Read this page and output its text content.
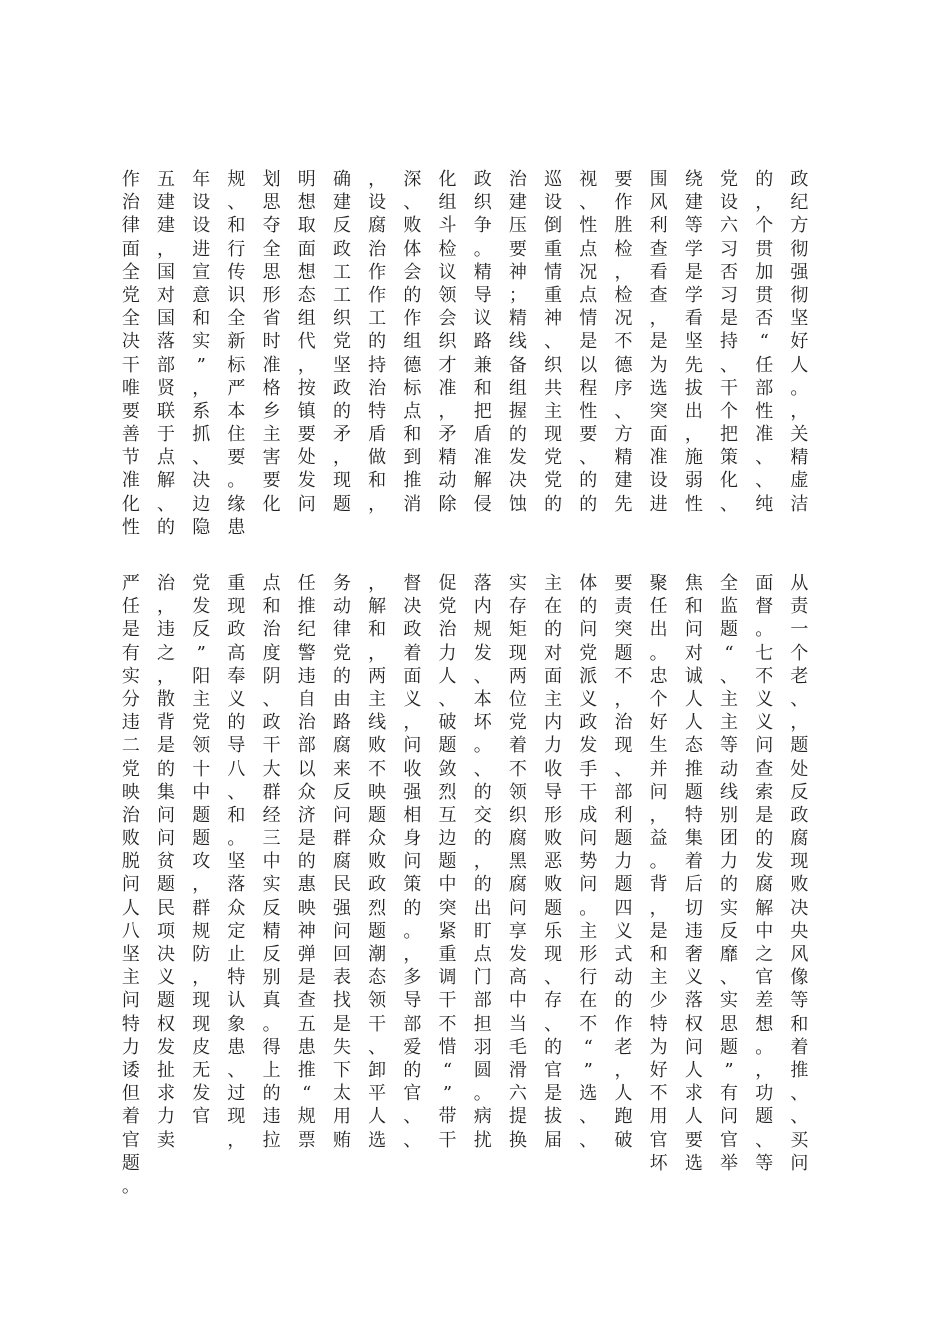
政
纪
方
彻
强
彻
坚
好
人
。
，
关
精
虚
洁
的
，
个
贯
加
贯
否
“
任
部
性
准
、
、
纯
党
设
六
习
否
习
是
持
、
干
个
把
策
化
、
绕
建
等
学
是
学
看
坚
先
拔
出
，
施
弱
性
围
风
利
查
看
查
，
是
为
选
突
面
准
设
进
要
作
胜
检
，
检
况
不
德
序
、
方
精
建
先
视
、
性
点
况
点
情
是
以
程
性
要
、
的
的
巡
设
倒
重
情
重
神
、
织
共
主
现
党
党
的
治
建
压
要
神
；
精
线
备
组
握
的
发
决
蚀
政
织
争
。
精
导
议
路
兼
和
把
盾
准
解
侵
化
组
斗
检
议
领
会
织
才
准
，
矛
精
动
除
深
、
败
体
会
的
作
组
德
标
点
和
到
推
消
，
设
腐
治
作
作
工
的
持
治
特
盾
做
和
，
确
建
反
政
工
工
织
党
坚
政
的
矛
，
现
题
明
想
取
面
想
态
组
代
，
按
镇
要
处
发
问
划
思
夺
全
思
形
省
时
准
格
乡
主
害
要
化
规
、
和
行
传
识
全
新
标
严
本
住
要
。
缘
患
年
设
设
进
宣
意
和
实
”
，
系
抓
、
决
边
隐
五
建
建
，
国
对
国
落
部
贤
联
于
点
解
、
的
作
治
律
面
全
党
全
决
干
唯
要
善
节
准
化
性
从
责
一
个
老
、
，
题
处
反
政
腐
现
败
决
央
风
像
等
和
着
推
、
、
买
问
面
督
。
七
不
义
义
问
查
索
是
的
发
腐
解
中
之
官
差
想
。
，
功
题
、
等
全
监
题
“
、
主
主
等
动
线
别
团
力
的
实
反
靡
、
实
思
题
”
有
问
官
举
焦
和
问
对
诚
人
人
态
推
题
特
集
着
后
切
违
奢
义
落
权
问
人
求
人
要
选
聚
任
出
。
忠
个
好
生
并
问
，
益
。
背
，
是
和
主
少
特
为
好
不
用
官
坏
要
责
突
题
不
，
治
现
、
部
利
题
力
题
四
义
式
动
的
作
老
，
人
跑
破
体
的
问
党
派
义
政
发
手
干
成
问
势
问
。
主
形
行
在
不
“
”
选
、
、
主
在
的
对
面
主
内
力
收
导
形
败
恶
败
题
乐
现
、
存
、
的
官
是
拔
届
实
存
矩
现
两
位
党
着
不
领
织
腐
黑
腐
问
享
发
高
中
当
毛
滑
六
提
换
落
内
规
发
、
本
坏
。
、
的
交
的
，
的
出
盯
点
门
部
担
羽
圆
。
病
扰
促
党
治
力
人
、
破
题
敛
烈
互
边
题
中
突
紧
重
调
干
不
惜
“
”
带
干
督
决
政
着
面
义
，
问
收
强
相
身
问
策
的
。
，
多
导
部
爱
的
官
、
、
，
解
和
，
两
主
线
败
不
映
题
众
败
政
烈
题
潮
态
领
干
、
卸
平
人
选
务
动
律
党
的
由
路
腐
来
反
问
群
腐
民
强
问
回
表
找
是
失
下
太
用
贿
任
推
纪
警
违
自
治
部
以
众
济
是
的
惠
映
神
弹
是
查
五
患
推
“
规
票
点
和
治
度
阴
、
政
干
大
群
经
三
中
实
反
精
反
别
真
。
得
上
的
违
拉
重
现
政
高
奉
义
的
导
八
、
和
。
坚
落
众
定
止
特
认
象
患
、
过
现
，
党
发
反
”
阳
主
党
领
十
中
题
题
攻
，
群
规
防
，
现
现
皮
无
发
官
治
，
违
之
，
散
背
是
的
集
问
问
贫
题
民
项
决
义
题
权
发
扯
求
力
卖
严
任
是
有
实
分
违
二
党
映
治
败
脱
问
人
八
坚
主
问
特
力
诿
但
着
官
题
。
